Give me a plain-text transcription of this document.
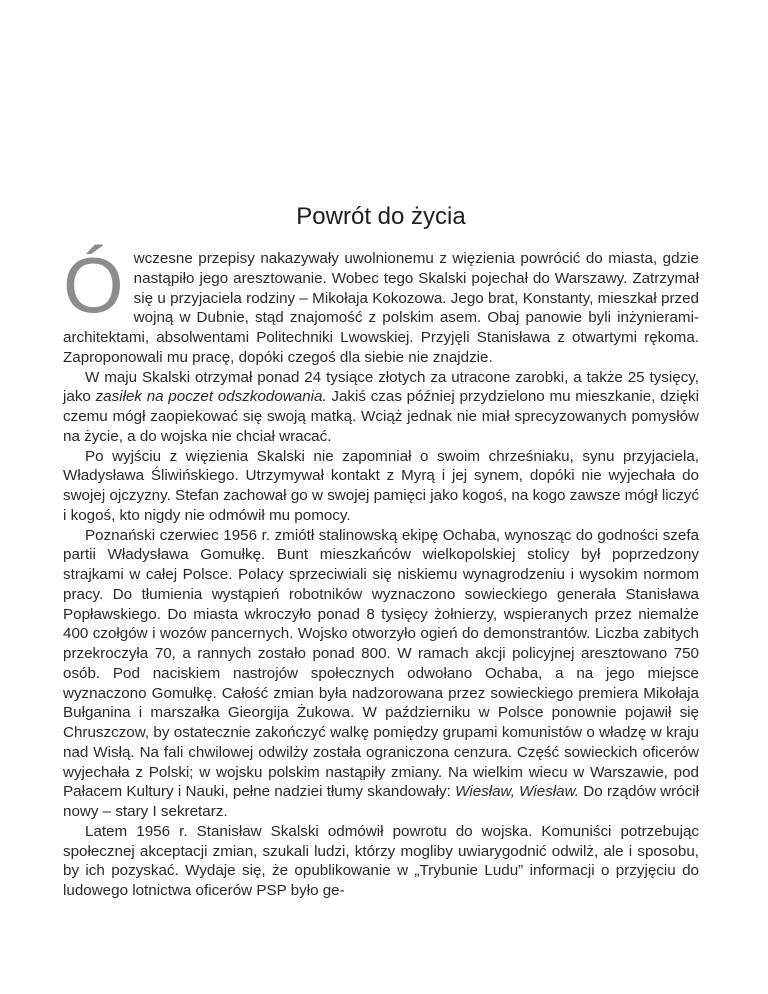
Powrót do życia

Ówczesne przepisy nakazywały uwolnionemu z więzienia powrócić do miasta, gdzie nastąpiło jego aresztowanie. Wobec tego Skalski pojechał do Warszawy. Zatrzymał się u przyjaciela rodziny – Mikołaja Kokozowa. Jego brat, Konstanty, mieszkał przed wojną w Dubnie, stąd znajomość z polskim asem. Obaj panowie byli inżynierami-architektami, absolwentami Politechniki Lwowskiej. Przyjęli Stanisława z otwartymi rękoma. Zaproponowali mu pracę, dopóki czegoś dla siebie nie znajdzie.

W maju Skalski otrzymał ponad 24 tysiące złotych za utracone zarobki, a także 25 tysięcy, jako zasiłek na poczet odszkodowania. Jakiś czas później przydzielono mu mieszkanie, dzięki czemu mógł zaopiekować się swoją matką. Wciąż jednak nie miał sprecyzowanych pomysłów na życie, a do wojska nie chciał wracać.

Po wyjściu z więzienia Skalski nie zapomniał o swoim chrześniaku, synu przyjaciela, Władysława Śliwińskiego. Utrzymywał kontakt z Myrą i jej synem, dopóki nie wyjechała do swojej ojczyzny. Stefan zachował go w swojej pamięci jako kogoś, na kogo zawsze mógł liczyć i kogoś, kto nigdy nie odmówił mu pomocy.

Poznański czerwiec 1956 r. zmiótł stalinowską ekipę Ochaba, wynosząc do godności szefa partii Władysława Gomułkę. Bunt mieszkańców wielkopolskiej stolicy był poprzedzony strajkami w całej Polsce. Polacy sprzeciwiali się niskiemu wynagrodzeniu i wysokim normom pracy. Do tłumienia wystąpień robotników wyznaczono sowieckiego generała Stanisława Popławskiego. Do miasta wkroczyło ponad 8 tysięcy żołnierzy, wspieranych przez niemalże 400 czołgów i wozów pancernych. Wojsko otworzyło ogień do demonstrantów. Liczba zabitych przekroczyła 70, a rannych zostało ponad 800. W ramach akcji policyjnej aresztowano 750 osób. Pod naciskiem nastrojów społecznych odwołano Ochaba, a na jego miejsce wyznaczono Gomułkę. Całość zmian była nadzorowana przez sowieckiego premiera Mikołaja Bułganina i marszałka Gieorgija Żukowa. W październiku w Polsce ponownie pojawił się Chruszczow, by ostatecznie zakończyć walkę pomiędzy grupami komunistów o władzę w kraju nad Wisłą. Na fali chwilowej odwilży została ograniczona cenzura. Część sowieckich oficerów wyjechała z Polski; w wojsku polskim nastąpiły zmiany. Na wielkim wiecu w Warszawie, pod Pałacem Kultury i Nauki, pełne nadziei tłumy skandowały: Wiesław, Wiesław. Do rządów wrócił nowy – stary I sekretarz.

Latem 1956 r. Stanisław Skalski odmówił powrotu do wojska. Komuniści potrzebując społecznej akceptacji zmian, szukali ludzi, którzy mogliby uwiarygodnić odwilż, ale i sposobu, by ich pozyskać. Wydaje się, że opublikowanie w „Trybunie Ludu” informacji o przyjęciu do ludowego lotnictwa oficerów PSP było ge-
